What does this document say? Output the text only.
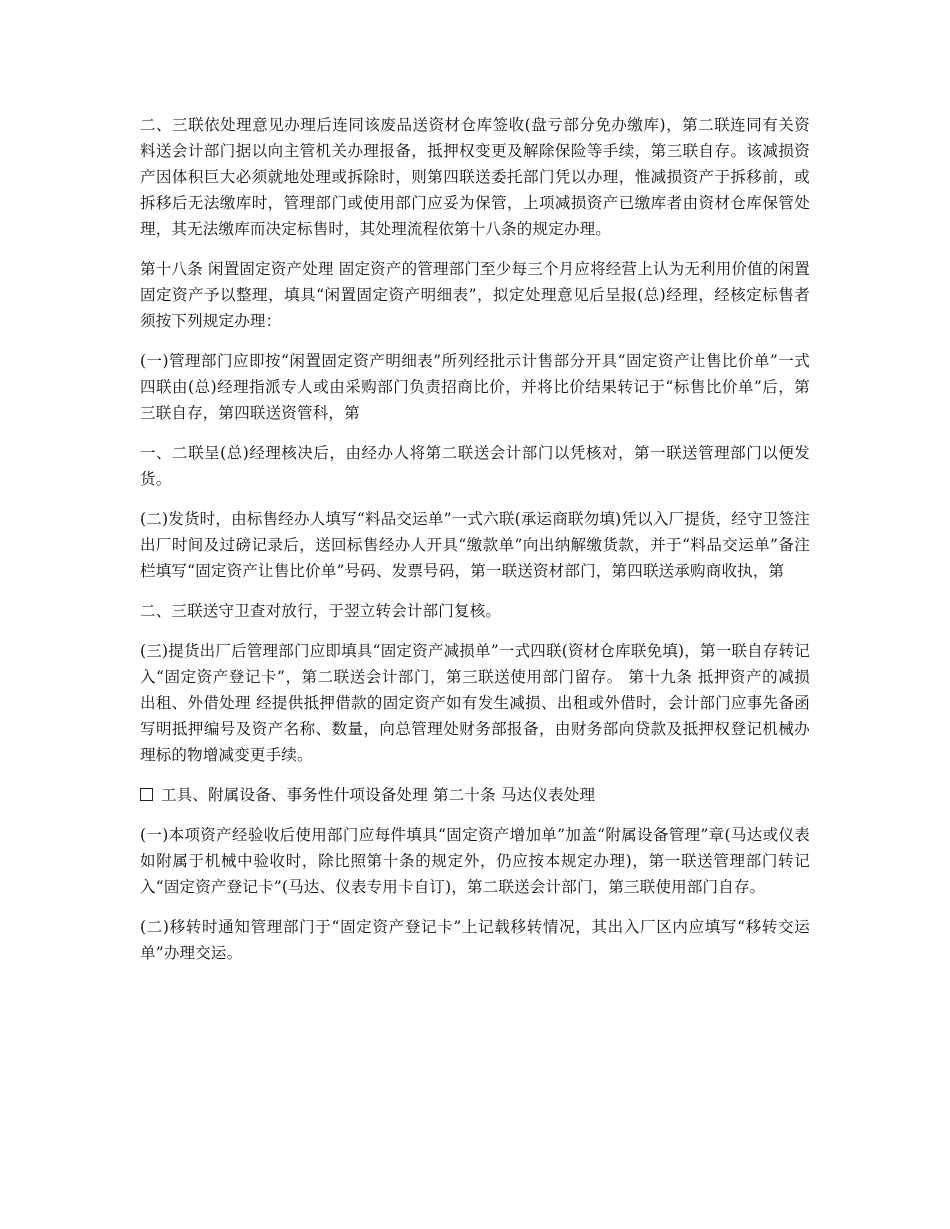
二、三联依处理意见办理后连同该废品送资材仓库签收(盘亏部分免办缴库)，第二联连同有关资料送会计部门据以向主管机关办理报备，抵押权变更及解除保险等手续，第三联自存。该减损资产因体积巨大必须就地处理或拆除时，则第四联送委托部门凭以办理，惟减损资产于拆移前，或拆移后无法缴库时，管理部门或使用部门应妥为保管，上项减损资产已缴库者由资材仓库保管处理，其无法缴库而决定标售时，其处理流程依第十八条的规定办理。

第十八条 闲置固定资产处理 固定资产的管理部门至少每三个月应将经营上认为无利用价值的闲置固定资产予以整理，填具“闲置固定资产明细表”，拟定处理意见后呈报(总)经理，经核定标售者须按下列规定办理：

(一)管理部门应即按“闲置固定资产明细表”所列经批示计售部分开具“固定资产让售比价单”一式四联由(总)经理指派专人或由采购部门负责招商比价，并将比价结果转记于“标售比价单”后，第三联自存，第四联送资管科，第

一、二联呈(总)经理核决后，由经办人将第二联送会计部门以凭核对，第一联送管理部门以便发货。

(二)发货时，由标售经办人填写“料品交运单”一式六联(承运商联勿填)凭以入厂提货，经守卫签注出厂时间及过磅记录后，送回标售经办人开具“缴款单”向出纳解缴货款，并于“料品交运单”备注栏填写“固定资产让售比价单”号码、发票号码，第一联送资材部门，第四联送承购商收执，第

二、三联送守卫查对放行，于翌立转会计部门复核。

(三)提货出厂后管理部门应即填具“固定资产减损单”一式四联(资材仓库联免填)，第一联自存转记入“固定资产登记卡”，第二联送会计部门，第三联送使用部门留存。 第十九条 抵押资产的减损出租、外借处理 经提供抵押借款的固定资产如有发生减损、出租或外借时，会计部门应事先备函写明抵押编号及资产名称、数量，向总管理处财务部报备，由财务部向贷款及抵押权登记机械办理标的物增减变更手续。

工具、附属设备、事务性什项设备处理 第二十条 马达仪表处理

(一)本项资产经验收后使用部门应每件填具“固定资产增加单”加盖“附属设备管理”章(马达或仪表如附属于机械中验收时，除比照第十条的规定外，仍应按本规定办理)，第一联送管理部门转记入“固定资产登记卡”(马达、仪表专用卡自订)，第二联送会计部门，第三联使用部门自存。

(二)移转时通知管理部门于“固定资产登记卡”上记载移转情况，其出入厂区内应填写“移转交运单”办理交运。
